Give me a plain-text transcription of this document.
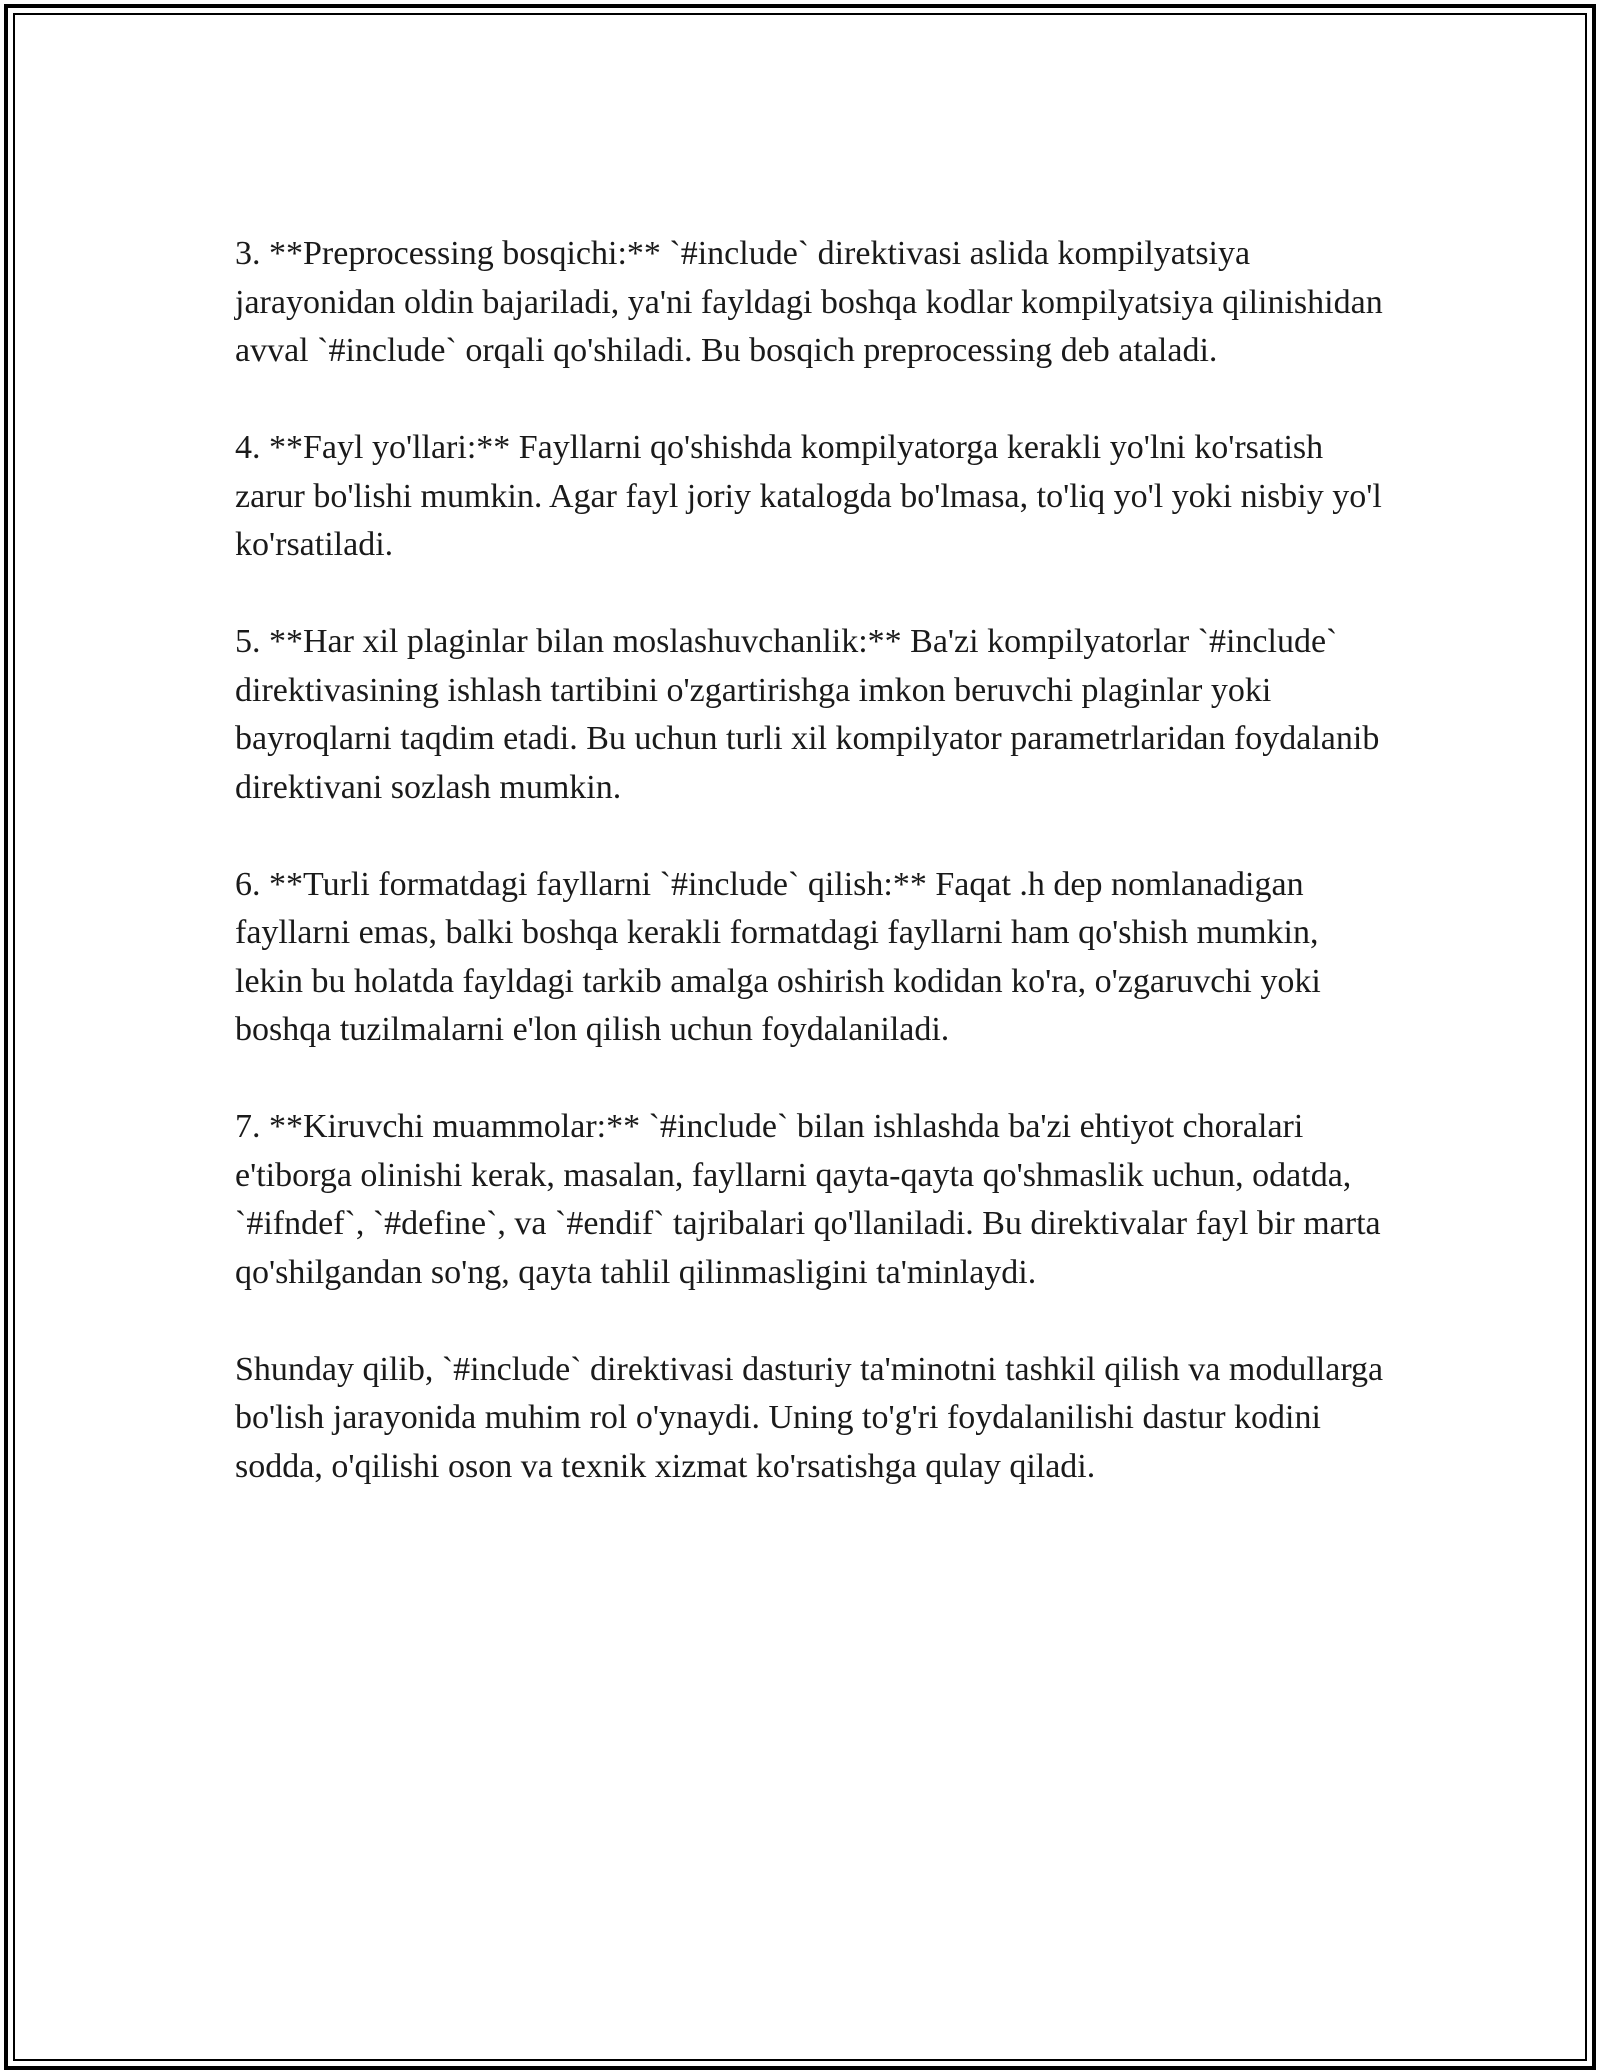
3. **Preprocessing bosqichi:** `#include` direktivasi aslida kompilyatsiya jarayonidan oldin bajariladi, ya'ni fayldagi boshqa kodlar kompilyatsiya qilinishidan avval `#include` orqali qo'shiladi. Bu bosqich preprocessing deb ataladi.

4. **Fayl yo'llari:** Fayllarni qo'shishda kompilyatorga kerakli yo'lni ko'rsatish zarur bo'lishi mumkin. Agar fayl joriy katalogda bo'lmasa, to'liq yo'l yoki nisbiy yo'l ko'rsatiladi.

5. **Har xil plaginlar bilan moslashuvchanlik:** Ba'zi kompilyatorlar `#include` direktivasining ishlash tartibini o'zgartirishga imkon beruvchi plaginlar yoki bayroqlarni taqdim etadi. Bu uchun turli xil kompilyator parametrlaridan foydalanib direktivani sozlash mumkin.

6. **Turli formatdagi fayllarni `#include` qilish:** Faqat .h dep nomlanadigan fayllarni emas, balki boshqa kerakli formatdagi fayllarni ham qo'shish mumkin, lekin bu holatda fayldagi tarkib amalga oshirish kodidan ko'ra, o'zgaruvchi yoki boshqa tuzilmalarni e'lon qilish uchun foydalaniladi.

7. **Kiruvchi muammolar:** `#include` bilan ishlashda ba'zi ehtiyot choralari e'tiborga olinishi kerak, masalan, fayllarni qayta-qayta qo'shmaslik uchun, odatda, `#ifndef`, `#define`, va `#endif` tajribalari qo'llaniladi. Bu direktivalar fayl bir marta qo'shilgandan so'ng, qayta tahlil qilinmasligini ta'minlaydi.

Shunday qilib, `#include` direktivasi dasturiy ta'minotni tashkil qilish va modullarga bo'lish jarayonida muhim rol o'ynaydi. Uning to'g'ri foydalanilishi dastur kodini sodda, o'qilishi oson va texnik xizmat ko'rsatishga qulay qiladi.
